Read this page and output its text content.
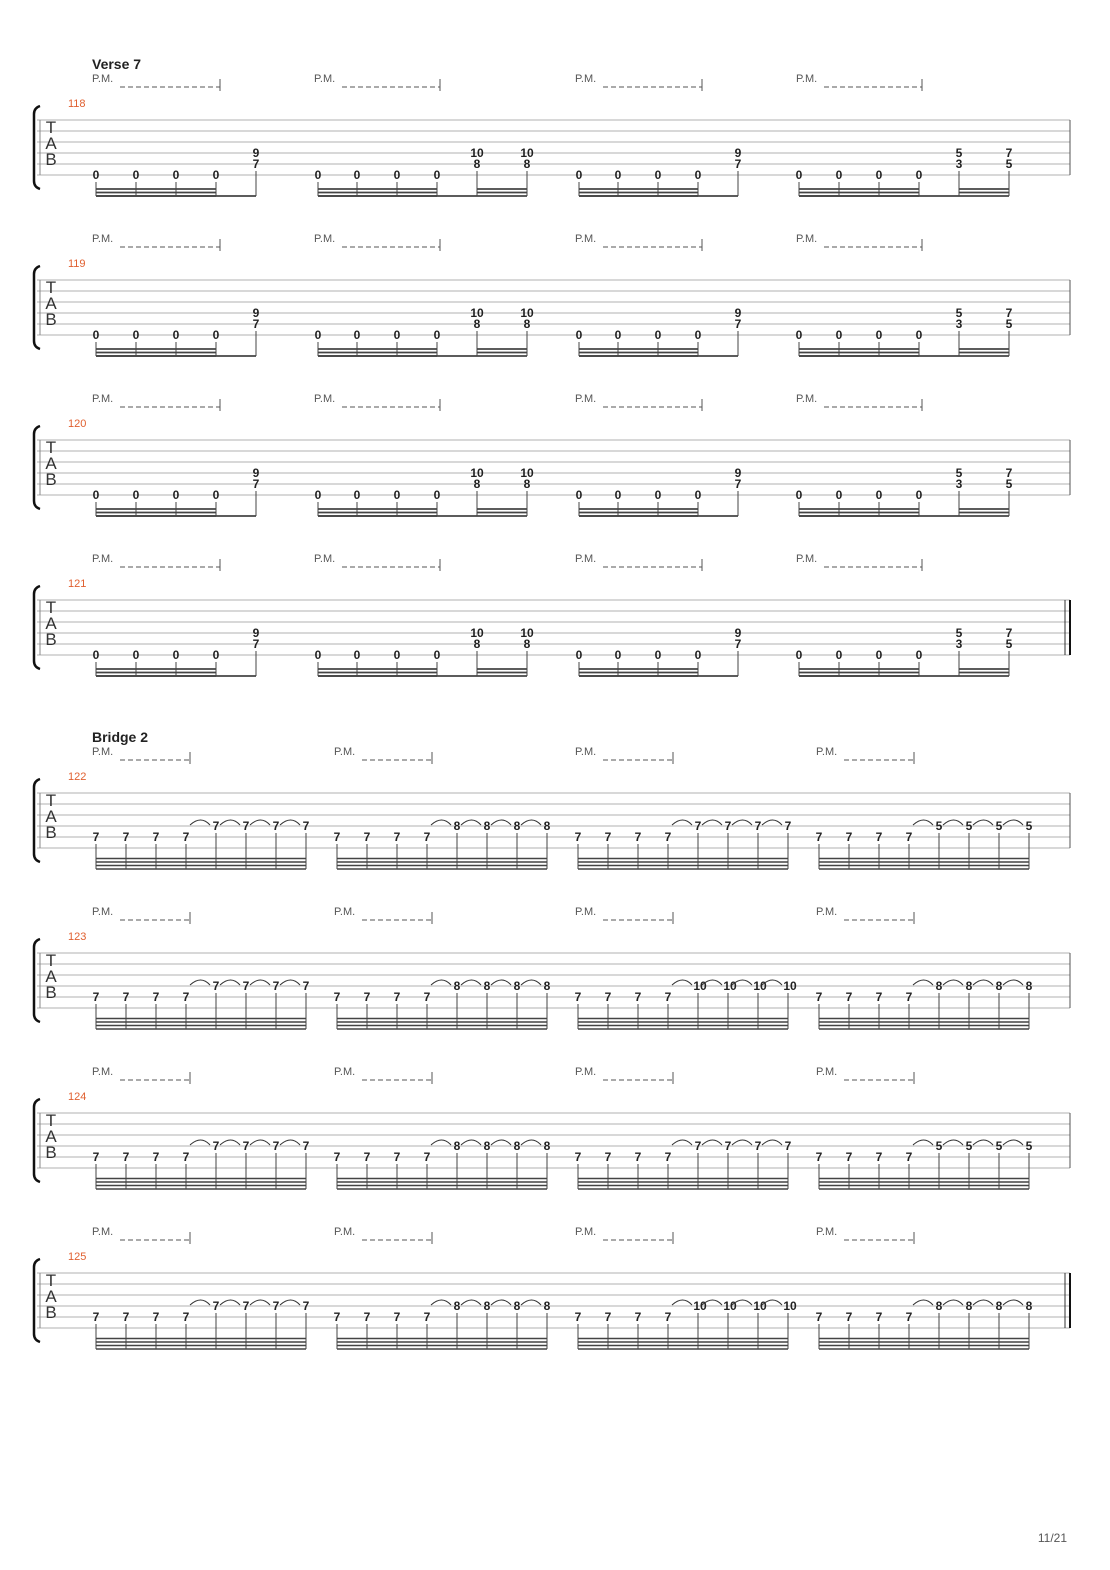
Verse 7
P.M.	P.M.	P.M.	P.M.
T
A
B
118
0	0	0	0
9
7
0	0	0	0
10
8
10
8
0	0	0	0
9
7
0	0	0	0
5
3
7
5
P.M.	P.M.	P.M.	P.M.
T
A
B
119
0	0	0	0
9
7
0	0	0	0
10
8
10
8
0	0	0	0
9
7
0	0	0	0
5
3
7
5
P.M.	P.M.	P.M.	P.M.
T
A
B
120
0	0	0	0
9
7
0	0	0	0
10
8
10
8
0	0	0	0
9
7
0	0	0	0
5
3
7
5
P.M.	P.M.	P.M.	P.M.
T
A
B
121
0	0	0	0
9
7
0	0	0	0
10
8
10
8
0	0	0	0
9
7
0	0	0	0
5
3
7
5
Bridge 2
P.M.	P.M.	P.M.	P.M.
T
A
B
122
7 7 7 7
7 7 7 7
7 7 7 7
8 8 8 8
7 7 7 7
7 7 7 7
7 7 7 7
5 5 5 5
P.M.	P.M.	P.M.	P.M.
T
A
B
123
7 7 7 7
7 7 7 7
7 7 7 7
8 8 8 8
7 7 7 7
10 10 10 10
7 7 7 7
8 8 8 8
P.M.	P.M.	P.M.	P.M.
T
A
B
124
7 7 7 7
7 7 7 7
7 7 7 7
8 8 8 8
7 7 7 7
7 7 7 7
7 7 7 7
5 5 5 5
P.M.	P.M.	P.M.	P.M.
T
A
B
125
7 7 7 7
7 7 7 7
7 7 7 7
8 8 8 8
7 7 7 7
10 10 10 10
7 7 7 7
8 8 8 8
11/21
